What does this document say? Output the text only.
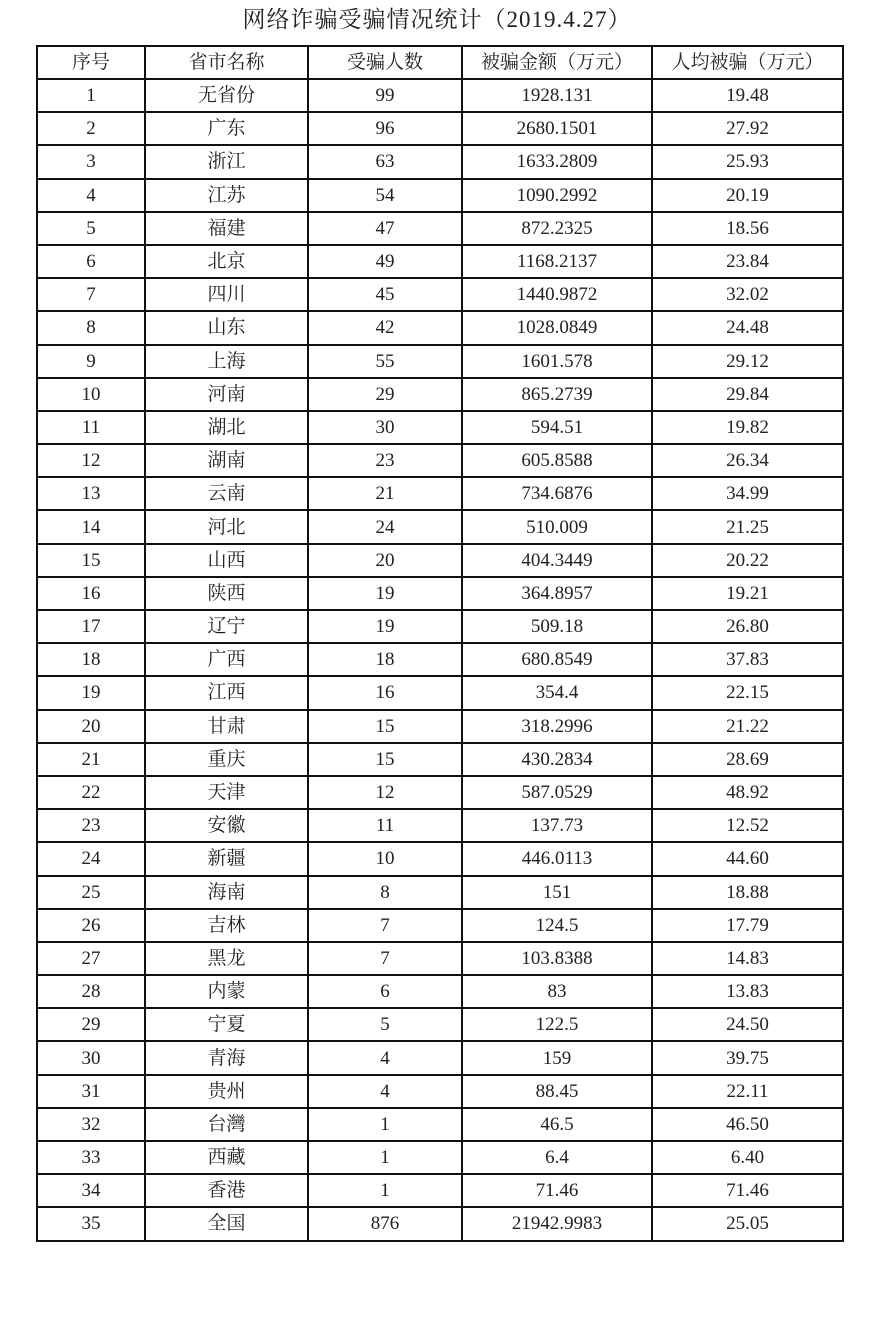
网络诈骗受骗情况统计（2019.4.27）
序号	省市名称	受骗人数	被骗金额（万元）	人均被骗（万元）
1	无省份	99	1928.131	19.48
2	广东	96	2680.1501	27.92
3	浙江	63	1633.2809	25.93
4	江苏	54	1090.2992	20.19
5	福建	47	872.2325	18.56
6	北京	49	1168.2137	23.84
7	四川	45	1440.9872	32.02
8	山东	42	1028.0849	24.48
9	上海	55	1601.578	29.12
10	河南	29	865.2739	29.84
11	湖北	30	594.51	19.82
12	湖南	23	605.8588	26.34
13	云南	21	734.6876	34.99
14	河北	24	510.009	21.25
15	山西	20	404.3449	20.22
16	陕西	19	364.8957	19.21
17	辽宁	19	509.18	26.80
18	广西	18	680.8549	37.83
19	江西	16	354.4	22.15
20	甘肃	15	318.2996	21.22
21	重庆	15	430.2834	28.69
22	天津	12	587.0529	48.92
23	安徽	11	137.73	12.52
24	新疆	10	446.0113	44.60
25	海南	8	151	18.88
26	吉林	7	124.5	17.79
27	黑龙	7	103.8388	14.83
28	内蒙	6	83	13.83
29	宁夏	5	122.5	24.50
30	青海	4	159	39.75
31	贵州	4	88.45	22.11
32	台灣	1	46.5	46.50
33	西藏	1	6.4	6.40
34	香港	1	71.46	71.46
35	全国	876	21942.9983	25.05
